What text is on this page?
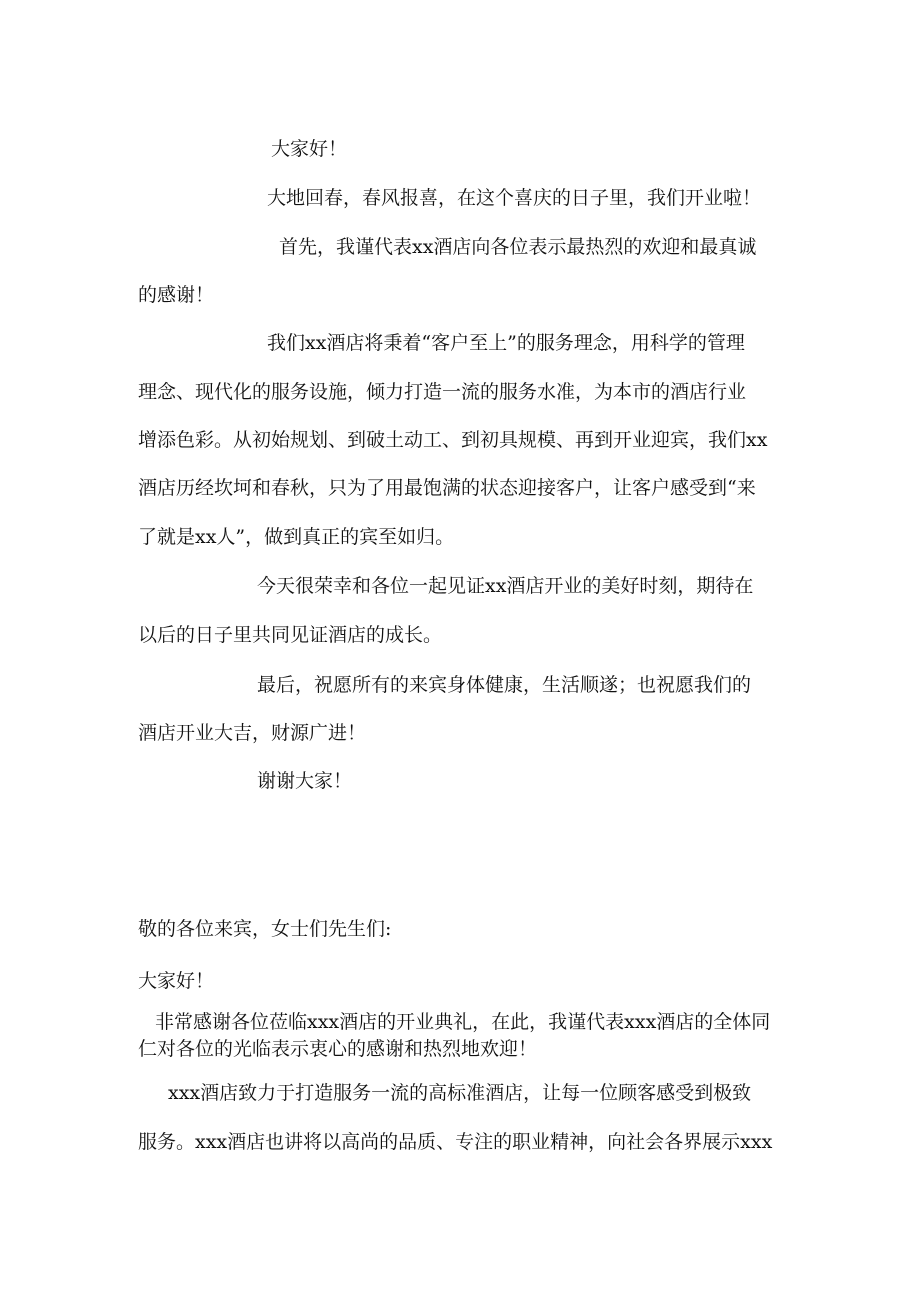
大家好！

大地回春，春风报喜，在这个喜庆的日子里，我们开业啦！

首先，我谨代表xx酒店向各位表示最热烈的欢迎和最真诚

的感谢！

我们xx酒店将秉着“客户至上”的服务理念，用科学的管理

理念、现代化的服务设施，倾力打造一流的服务水准，为本市的酒店行业

增添色彩。从初始规划、到破土动工、到初具规模、再到开业迎宾，我们xx

酒店历经坎坷和春秋，只为了用最饱满的状态迎接客户，让客户感受到“来

了就是xx人”，做到真正的宾至如归。

今天很荣幸和各位一起见证xx酒店开业的美好时刻，期待在

以后的日子里共同见证酒店的成长。

最后，祝愿所有的来宾身体健康，生活顺遂；也祝愿我们的

酒店开业大吉，财源广进！

谢谢大家！

敬的各位来宾，女士们先生们:

大家好！

非常感谢各位莅临xxx酒店的开业典礼，在此，我谨代表xxx酒店的全体同

仁对各位的光临表示衷心的感谢和热烈地欢迎！

xxx酒店致力于打造服务一流的高标准酒店，让每一位顾客感受到极致

服务。xxx酒店也讲将以高尚的品质、专注的职业精神，向社会各界展示xxx
